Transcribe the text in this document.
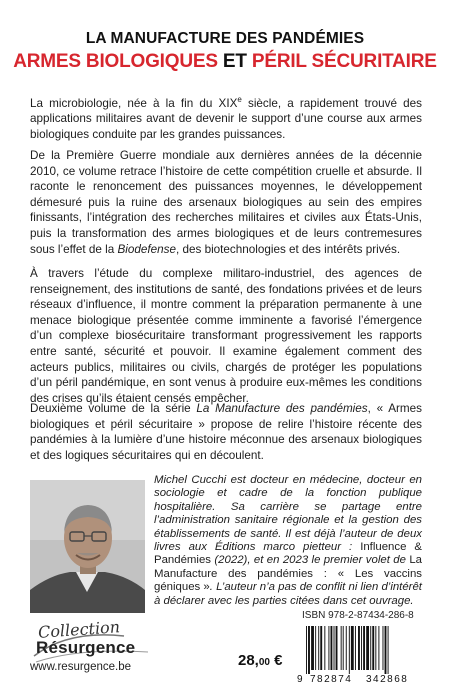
LA MANUFACTURE DES PANDÉMIES
ARMES BIOLOGIQUES ET PÉRIL SÉCURITAIRE

La microbiologie, née à la fin du XIXe siècle, a rapidement trouvé des applications militaires avant de devenir le support d’une course aux armes biologiques conduite par les grandes puissances.

De la Première Guerre mondiale aux dernières années de la décennie 2010, ce volume retrace l’histoire de cette compétition cruelle et absurde. Il raconte le renoncement des puissances moyennes, le développement démesuré puis la ruine des arsenaux biologiques au sein des empires finissants, l’intégration des recherches militaires et civiles aux États-Unis, puis la transformation des armes biologiques et de leurs contremesures sous l’effet de la Biodefense, des biotechnologies et des intérêts privés.

À travers l’étude du complexe militaro-industriel, des agences de renseignement, des institutions de santé, des fondations privées et de leurs réseaux d’influence, il montre comment la préparation permanente à une menace biologique présentée comme imminente a favorisé l’émergence d’un complexe biosécuritaire transformant progressivement les rapports entre santé, sécurité et pouvoir. Il examine également comment des acteurs publics, militaires ou civils, chargés de protéger les populations d’un péril pandémique, en sont venus à produire eux-mêmes les conditions des crises qu’ils étaient censés empêcher.

Deuxième volume de la série La Manufacture des pandémies, « Armes biologiques et péril sécuritaire » propose de relire l’histoire récente des pandémies à la lumière d’une histoire méconnue des arsenaux biologiques et des logiques sécuritaires qui en découlent.

Michel Cucchi est docteur en médecine, docteur en sociologie et cadre de la fonction publique hospitalière. Sa carrière se partage entre l’administration sanitaire régionale et la gestion des établissements de santé. Il est déjà l’auteur de deux livres aux Éditions marco pietteur : Influence & Pandémies (2022), et en 2023 le premier volet de La Manufacture des pandémies : « Les vaccins géniques ». L’auteur n’a pas de conflit ni lien d’intérêt à déclarer avec les parties citées dans cet ouvrage.
Collection
Résurgence
www.resurgence.be	28,00 €
ISBN 978-2-87434-286-8
9 782874 342868
